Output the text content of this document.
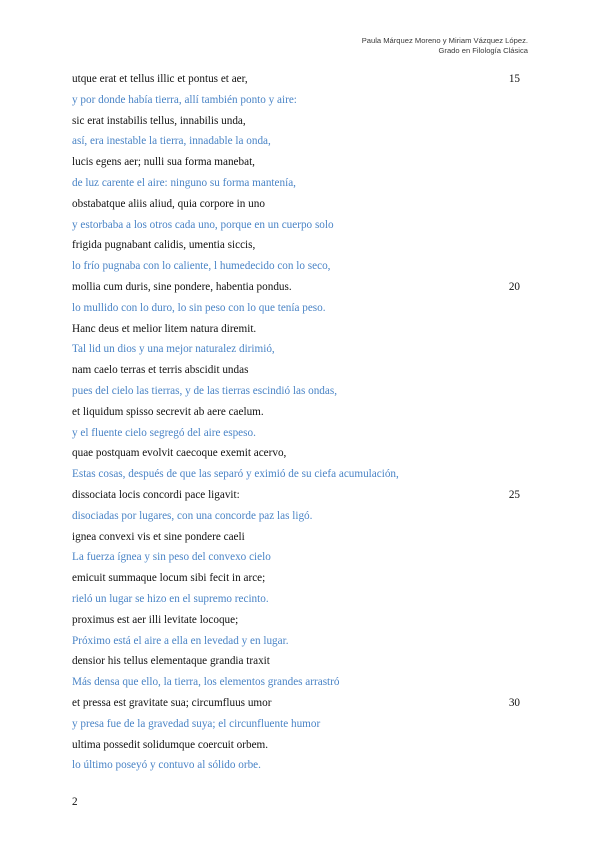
Paula Márquez Moreno y Miriam Vázquez López.
Grado en Filología Clásica
utque erat et tellus illic et pontus et aer,	15
y por donde había tierra, allí también ponto y aire:
sic erat instabilis tellus, innabilis unda,
así, era inestable la tierra, innadable la onda,
lucis egens aer; nulli sua forma manebat,
de luz carente el aire: ninguno su forma mantenía,
obstabatque aliis aliud, quia corpore in uno
y estorbaba a los otros cada uno, porque en un cuerpo solo
frigida pugnabant calidis, umentia siccis,
lo frío pugnaba con lo caliente, l humedecido con lo seco,
mollia cum duris, sine pondere, habentia pondus.	20
lo mullido con lo duro, lo sin peso con lo que tenía peso.
Hanc deus et melior litem natura diremit.
Tal lid un dios y una mejor naturalez dirimió,
nam caelo terras et terris abscidit undas
pues del cielo las tierras, y de las tierras escindió las ondas,
et liquidum spisso secrevit ab aere caelum.
y el fluente cielo segregó del aire espeso.
quae postquam evolvit caecoque exemit acervo,
Estas cosas, después de que las separó y eximió de su ciefa acumulación,
dissociata locis concordi pace ligavit:	25
disociadas por lugares, con una concorde paz las ligó.
ignea convexi vis et sine pondere caeli
La fuerza ígnea y sin peso del convexo cielo
emicuit summaque locum sibi fecit in arce;
rieló un lugar se hizo en el supremo recinto.
proximus est aer illi levitate locoque;
Próximo está el aire a ella en levedad y en lugar.
densior his tellus elementaque grandia traxit
Más densa que ello, la tierra, los elementos grandes arrastró
et pressa est gravitate sua; circumfluus umor	30
y presa fue de la gravedad suya; el circunfluente humor
ultima possedit solidumque coercuit orbem.
lo último poseyó y contuvo al sólido orbe.
2
